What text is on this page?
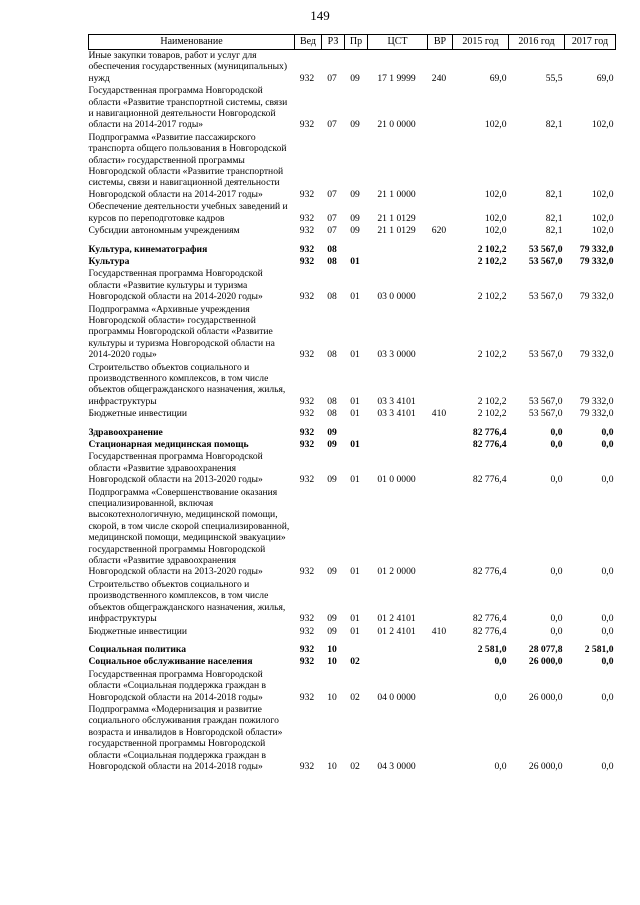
149
Наименование	Вед	РЗ	Пр	ЦСТ	ВР	2015 год	2016 год	2017 год
Иные закупки товаров, работ и услуг для обеспечения государственных (муниципальных) нужд	932	07	09	17 1 9999	240	69,0	55,5	69,0
Государственная программа Новгородской области «Развитие транспортной системы, связи и навигационной деятельности Новгородской области на 2014-2017 годы»	932	07	09	21 0 0000		102,0	82,1	102,0
Подпрограмма «Развитие пассажирского транспорта общего пользования в Новгородской области» государственной программы Новгородской области «Развитие транспортной системы, связи и навигационной деятельности Новгородской области на 2014-2017 годы»	932	07	09	21 1 0000		102,0	82,1	102,0
Обеспечение деятельности учебных заведений и курсов по переподготовке кадров	932	07	09	21 1 0129		102,0	82,1	102,0
Субсидии автономным учреждениям	932	07	09	21 1 0129	620	102,0	82,1	102,0
Культура, кинематография	932	08				2 102,2	53 567,0	79 332,0
Культура	932	08	01			2 102,2	53 567,0	79 332,0
Государственная программа Новгородской области «Развитие культуры и туризма Новгородской области на 2014-2020 годы»	932	08	01	03 0 0000		2 102,2	53 567,0	79 332,0
Подпрограмма «Архивные учреждения Новгородской области» государственной программы Новгородской области «Развитие культуры и туризма Новгородской области на 2014-2020 годы»	932	08	01	03 3 0000		2 102,2	53 567,0	79 332,0
Строительство объектов социального и производственного комплексов, в том числе объектов общегражданского назначения, жилья, инфраструктуры	932	08	01	03 3 4101		2 102,2	53 567,0	79 332,0
Бюджетные инвестиции	932	08	01	03 3 4101	410	2 102,2	53 567,0	79 332,0
Здравоохранение	932	09				82 776,4	0,0	0,0
Стационарная медицинская помощь	932	09	01			82 776,4	0,0	0,0
Государственная программа Новгородской области «Развитие здравоохранения Новгородской области на 2013-2020 годы»	932	09	01	01 0 0000		82 776,4	0,0	0,0
Подпрограмма «Совершенствование оказания специализированной, включая высокотехнологичную, медицинской помощи, скорой, в том числе скорой специализированной, медицинской помощи, медицинской эвакуации» государственной программы Новгородской области «Развитие здравоохранения Новгородской области на 2013-2020 годы»	932	09	01	01 2 0000		82 776,4	0,0	0,0
Строительство объектов социального и производственного комплексов, в том числе объектов общегражданского назначения, жилья, инфраструктуры	932	09	01	01 2 4101		82 776,4	0,0	0,0
Бюджетные инвестиции	932	09	01	01 2 4101	410	82 776,4	0,0	0,0
Социальная политика	932	10				2 581,0	28 077,8	2 581,0
Социальное обслуживание населения	932	10	02			0,0	26 000,0	0,0
Государственная программа Новгородской области «Социальная поддержка граждан в Новгородской области на 2014-2018 годы»	932	10	02	04 0 0000		0,0	26 000,0	0,0
Подпрограмма «Модернизация и развитие социального обслуживания граждан пожилого возраста и инвалидов в Новгородской области» государственной программы Новгородской области «Социальная поддержка граждан в Новгородской области на 2014-2018 годы»	932	10	02	04 3 0000		0,0	26 000,0	0,0
